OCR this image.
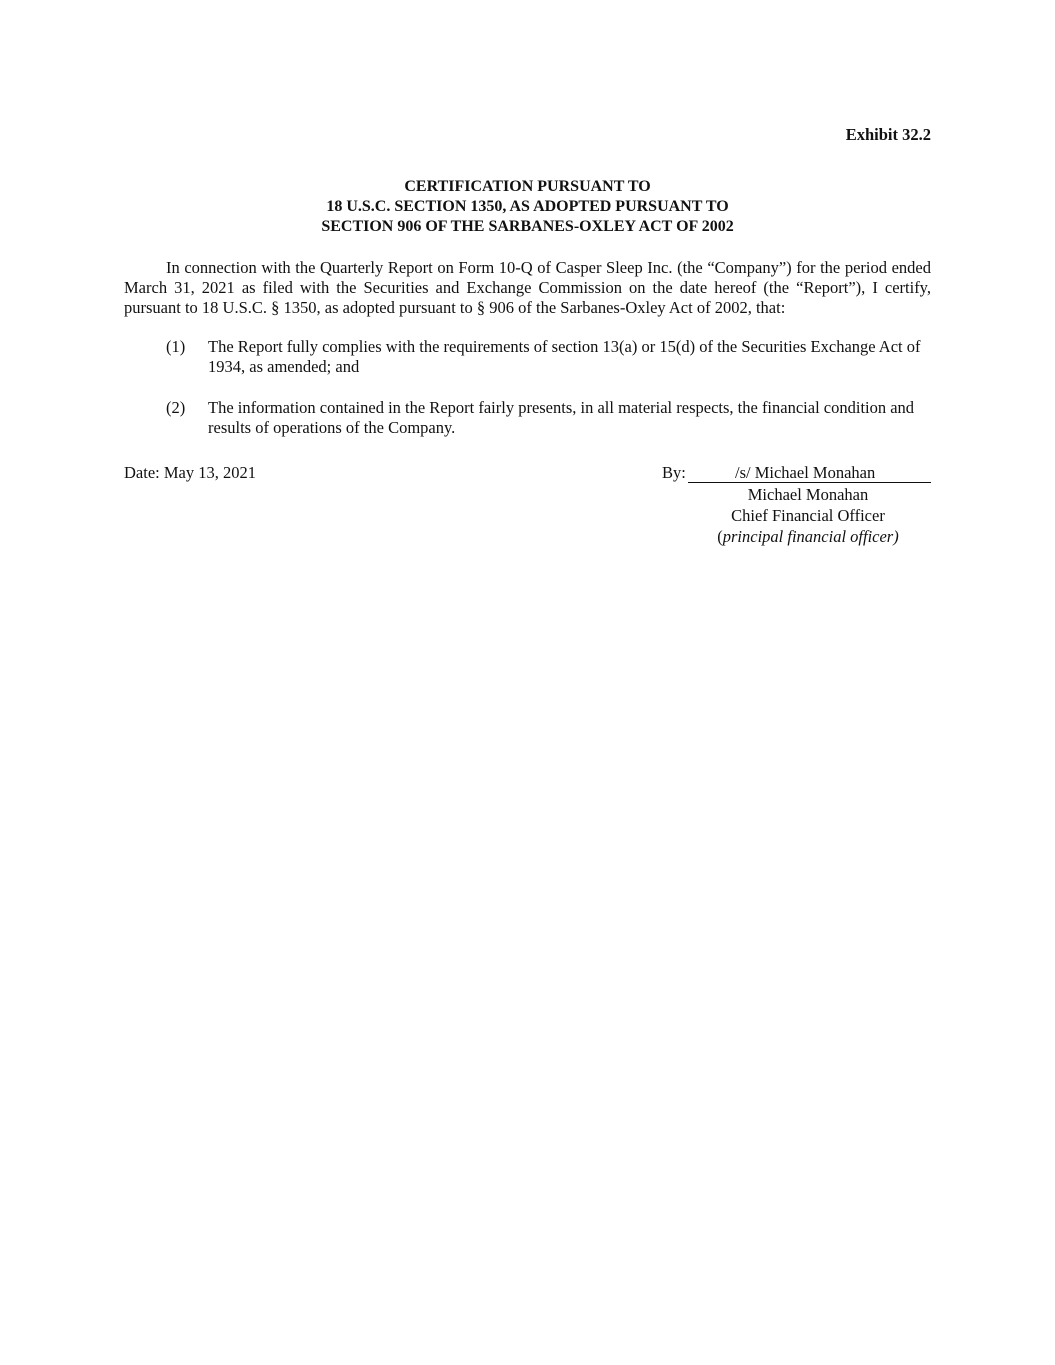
Exhibit 32.2
CERTIFICATION PURSUANT TO
18 U.S.C. SECTION 1350, AS ADOPTED PURSUANT TO
SECTION 906 OF THE SARBANES-OXLEY ACT OF 2002
In connection with the Quarterly Report on Form 10-Q of Casper Sleep Inc. (the “Company”) for the period ended March 31, 2021 as filed with the Securities and Exchange Commission on the date hereof (the “Report”), I certify, pursuant to 18 U.S.C. § 1350, as adopted pursuant to § 906 of the Sarbanes-Oxley Act of 2002, that:
(1)	The Report fully complies with the requirements of section 13(a) or 15(d) of the Securities Exchange Act of 1934, as amended; and
(2)	The information contained in the Report fairly presents, in all material respects, the financial condition and results of operations of the Company.
Date: May 13, 2021	By:	/s/ Michael Monahan
Michael Monahan
Chief Financial Officer
(principal financial officer)
